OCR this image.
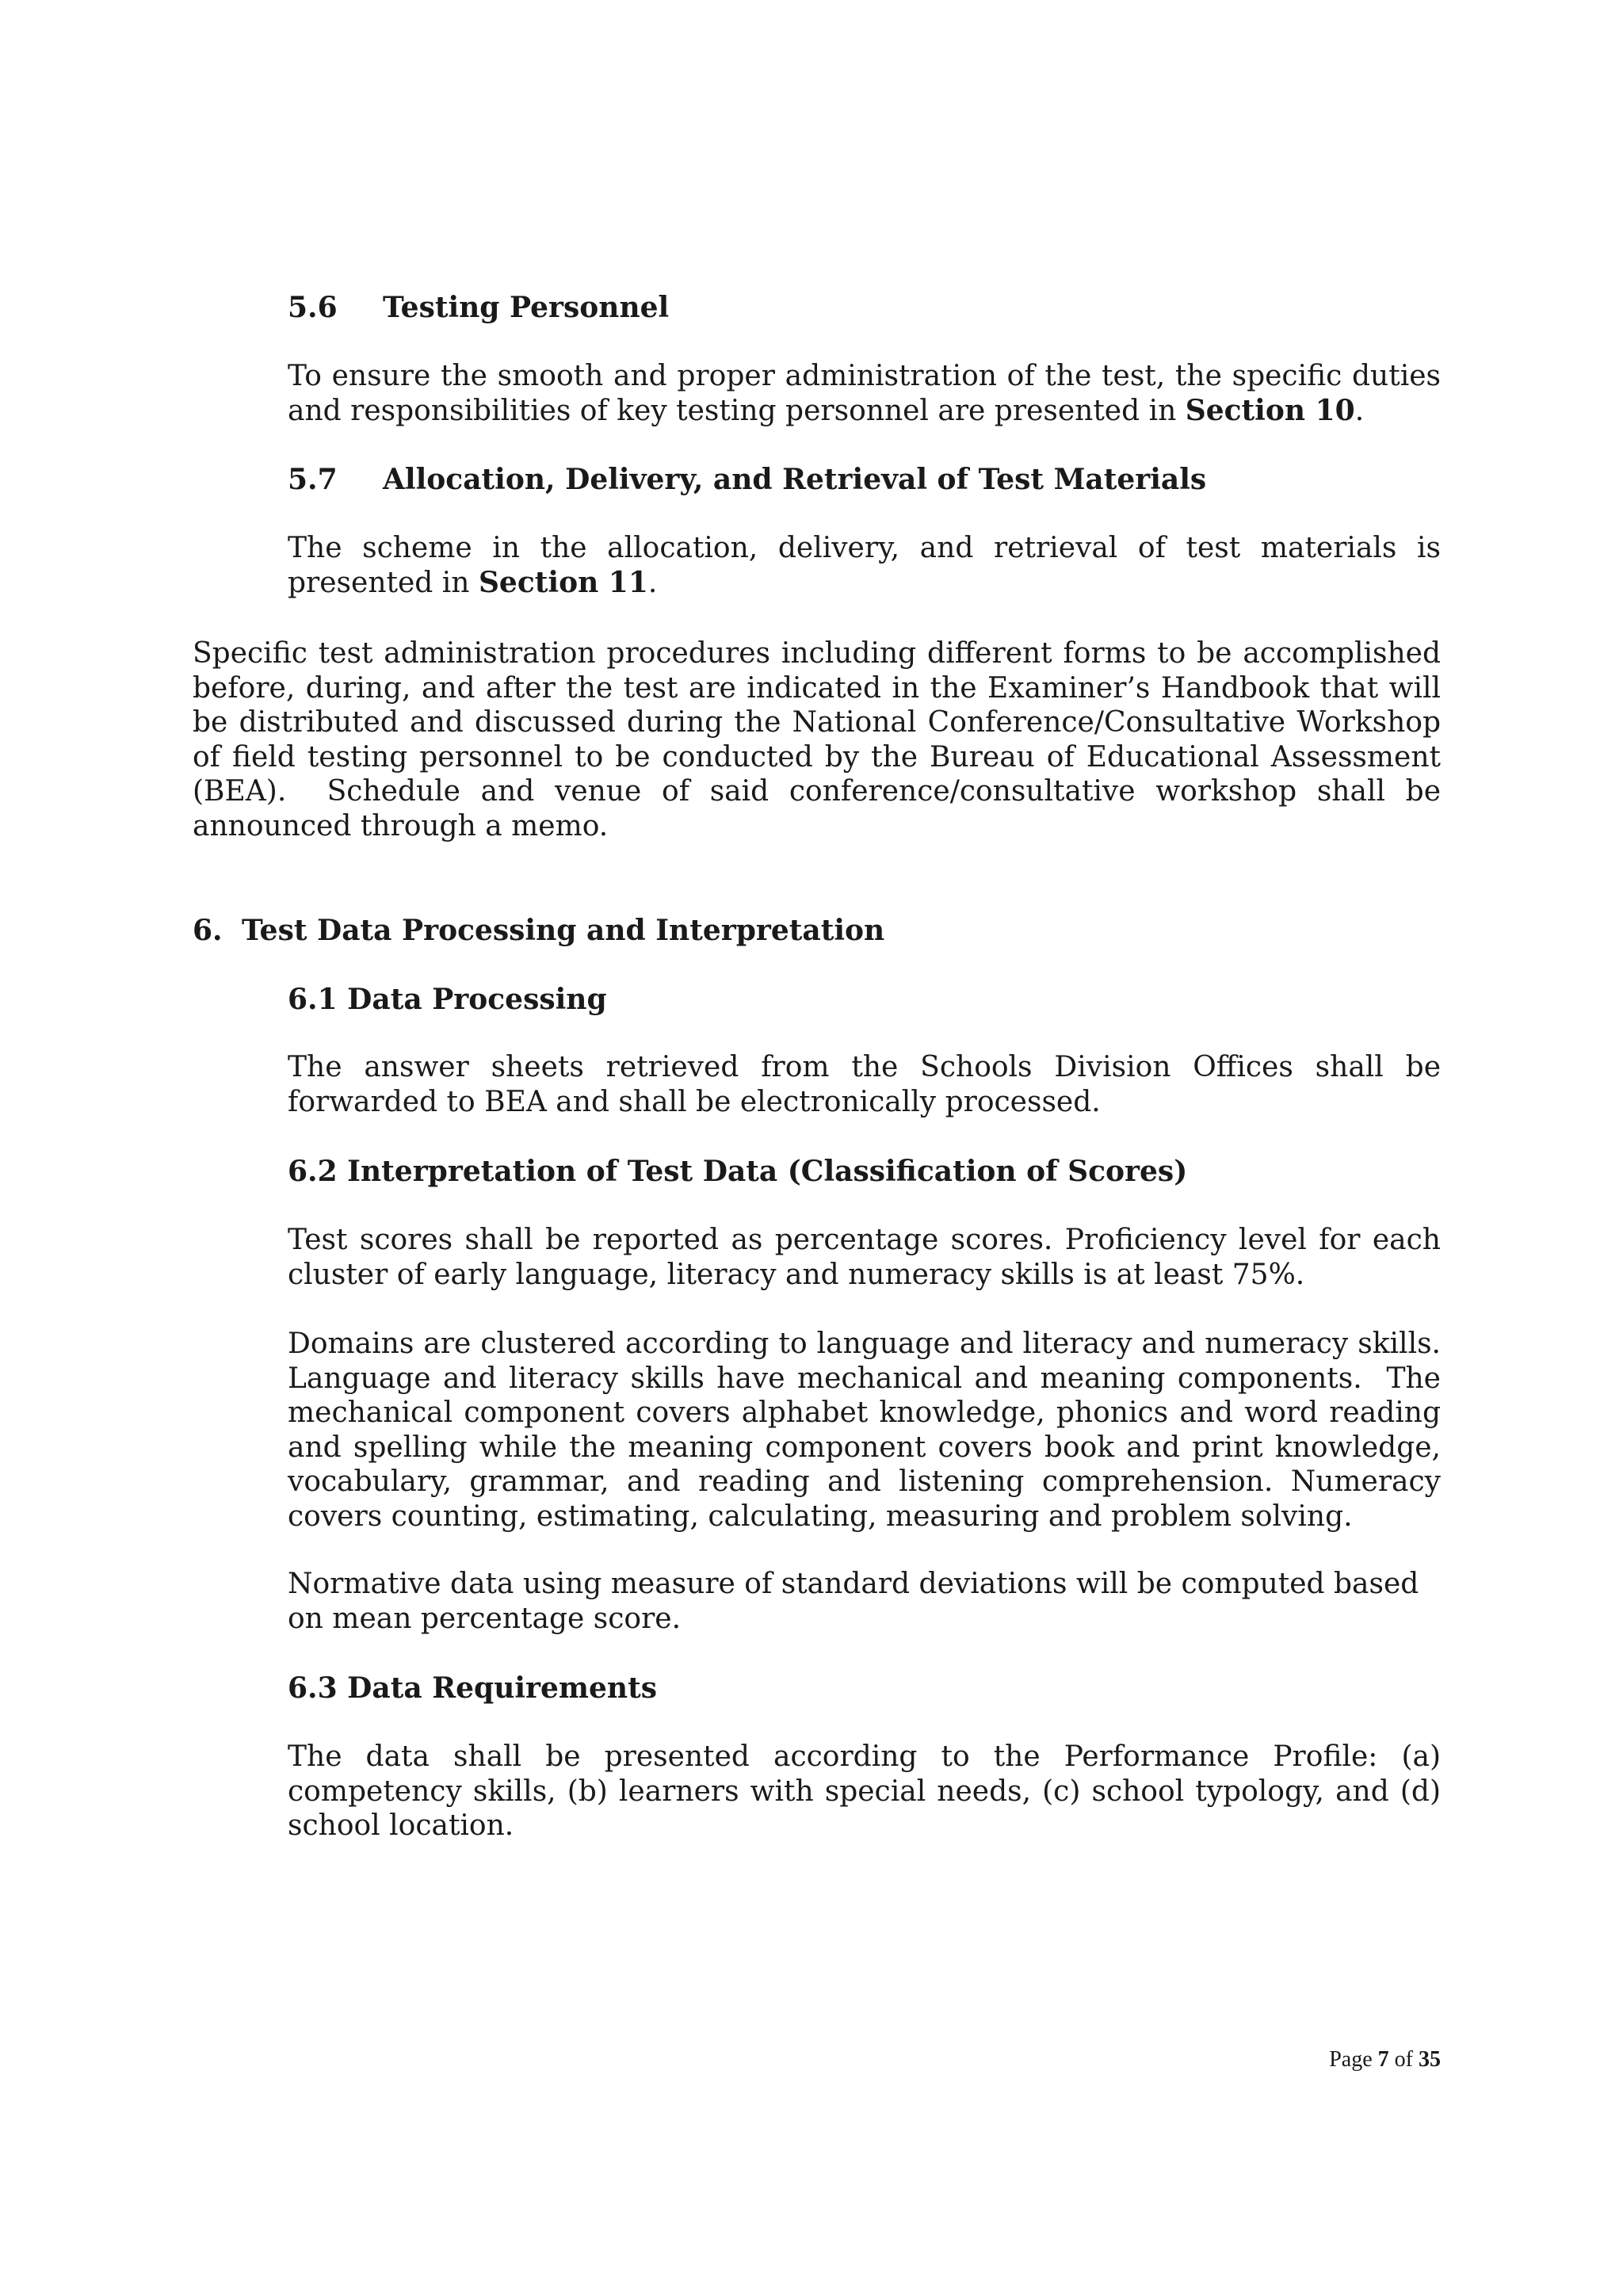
5.6 Testing Personnel
To ensure the smooth and proper administration of the test, the specific duties
and responsibilities of key testing personnel are presented in Section 10.
5.7 Allocation, Delivery, and Retrieval of Test Materials
The scheme in the allocation, delivery, and retrieval of test materials is
presented in Section 11.
Specific test administration procedures including different forms to be accomplished
before, during, and after the test are indicated in the Examiner’s Handbook that will
be distributed and discussed during the National Conference/Consultative Workshop
of field testing personnel to be conducted by the Bureau of Educational Assessment
(BEA).  Schedule and venue of said conference/consultative workshop shall be
announced through a memo.
6. Test Data Processing and Interpretation
6.1 Data Processing
The answer sheets retrieved from the Schools Division Offices shall be
forwarded to BEA and shall be electronically processed.
6.2 Interpretation of Test Data (Classification of Scores)
Test scores shall be reported as percentage scores. Proficiency level for each
cluster of early language, literacy and numeracy skills is at least 75%.
Domains are clustered according to language and literacy and numeracy skills.
Language and literacy skills have mechanical and meaning components.  The
mechanical component covers alphabet knowledge, phonics and word reading
and spelling while the meaning component covers book and print knowledge,
vocabulary, grammar, and reading and listening comprehension. Numeracy
covers counting, estimating, calculating, measuring and problem solving.
Normative data using measure of standard deviations will be computed based
on mean percentage score.
6.3 Data Requirements
The data shall be presented according to the Performance Profile: (a)
competency skills, (b) learners with special needs, (c) school typology, and (d)
school location.
Page 7 of 35
